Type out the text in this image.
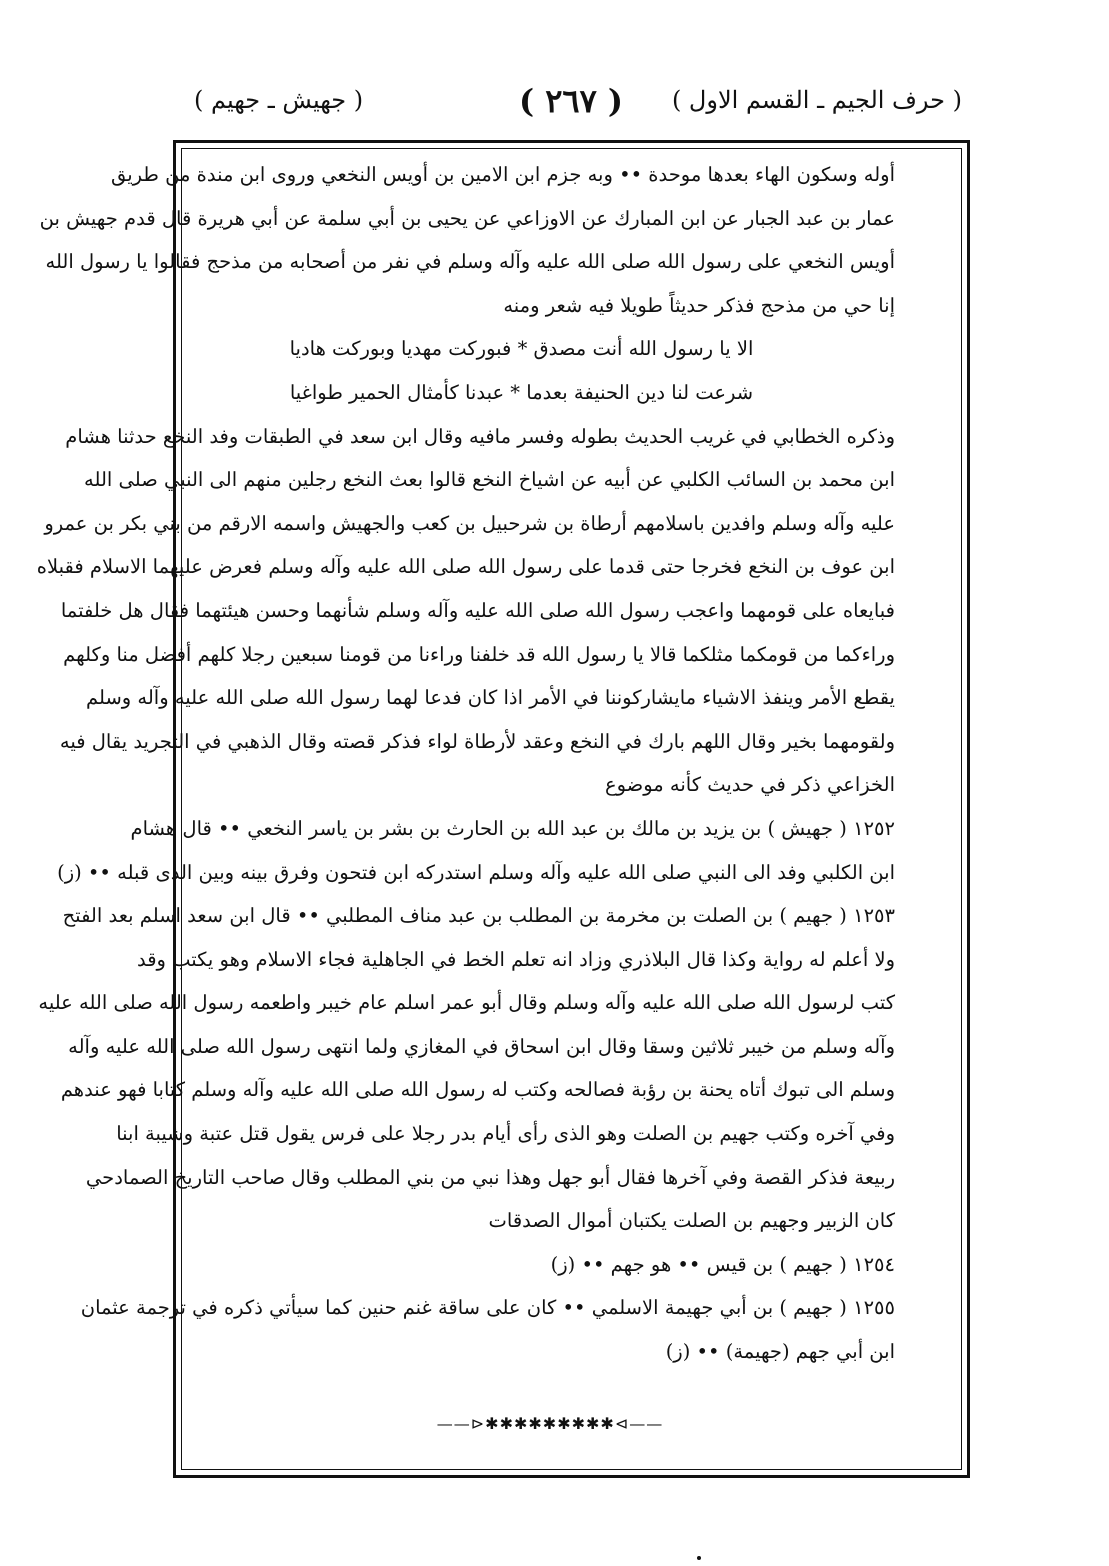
( حرف الجيم ـ القسم الاول )
( ٢٦٧ )
( جهيش ـ جهيم )
أوله وسكون الهاء بعدها موحدة •• وبه جزم ابن الامين بن أويس النخعي وروى ابن مندة من طريق
عمار بن عبد الجبار عن ابن المبارك عن الاوزاعي عن يحيى بن أبي سلمة عن أبي هريرة قال قدم جهيش بن
أويس النخعي على رسول الله صلى الله عليه وآله وسلم في نفر من أصحابه من مذحج فقالوا يا رسول الله
إنا حي من مذحج فذكر حديثاً طويلا فيه شعر ومنه
الا يا رسول الله أنت مصدق * فبوركت مهديا وبوركت هاديا
شرعت لنا دين الحنيفة بعدما * عبدنا كأمثال الحمير طواغيا
وذكره الخطابي في غريب الحديث بطوله وفسر مافيه وقال ابن سعد في الطبقات وفد النخع حدثنا هشام
ابن محمد بن السائب الكلبي عن أبيه عن اشياخ النخع قالوا بعث النخع رجلين منهم الى النبي صلى الله
عليه وآله وسلم وافدين باسلامهم أرطاة بن شرحبيل بن كعب والجهيش واسمه الارقم من بني بكر بن عمرو
ابن عوف بن النخع فخرجا حتى قدما على رسول الله صلى الله عليه وآله وسلم فعرض عليهما الاسلام فقبلاه
فبايعاه على قومهما واعجب رسول الله صلى الله عليه وآله وسلم شأنهما وحسن هيئتهما فقال هل خلفتما
وراءكما من قومكما مثلكما قالا يا رسول الله قد خلفنا وراءنا من قومنا سبعين رجلا كلهم أفضل منا وكلهم
يقطع الأمر وينفذ الاشياء مايشاركوننا في الأمر اذا كان فدعا لهما رسول الله صلى الله عليه وآله وسلم
ولقومهما بخير وقال اللهم بارك في النخع وعقد لأرطاة لواء فذكر قصته وقال الذهبي في التجريد يقال فيه
الخزاعي ذكر في حديث كأنه موضوع
١٢٥٢ ( جهيش ) بن يزيد بن مالك بن عبد الله بن الحارث بن بشر بن ياسر النخعي •• قال هشام
ابن الكلبي وفد الى النبي صلى الله عليه وآله وسلم استدركه ابن فتحون وفرق بينه وبين الذى قبله •• (ز)
١٢٥٣ ( جهيم ) بن الصلت بن مخرمة بن المطلب بن عبد مناف المطلبي •• قال ابن سعد اسلم بعد الفتح
ولا أعلم له رواية وكذا قال البلاذري وزاد انه تعلم الخط في الجاهلية فجاء الاسلام وهو يكتب وقد
كتب لرسول الله صلى الله عليه وآله وسلم وقال أبو عمر اسلم عام خيبر واطعمه رسول الله صلى الله عليه
وآله وسلم من خيبر ثلاثين وسقا وقال ابن اسحاق في المغازي ولما انتهى رسول الله صلى الله عليه وآله
وسلم الى تبوك أتاه يحنة بن رؤبة فصالحه وكتب له رسول الله صلى الله عليه وآله وسلم كتابا فهو عندهم
وفي آخره وكتب جهيم بن الصلت وهو الذى رأى أيام بدر رجلا على فرس يقول قتل عتبة وشيبة ابنا
ربيعة فذكر القصة وفي آخرها فقال أبو جهل وهذا نبي من بني المطلب وقال صاحب التاريخ الصمادحي
كان الزبير وجهيم بن الصلت يكتبان أموال الصدقات
١٢٥٤ ( جهيم ) بن قيس •• هو جهم •• (ز)
١٢٥٥ ( جهيم ) بن أبي جهيمة الاسلمي •• كان على ساقة غنم حنين كما سيأتي ذكره في ترجمة عثمان
ابن أبي جهم (جهيمة) •• (ز)
——⊳✱✱✱✱✱✱✱✱✱⊲——
